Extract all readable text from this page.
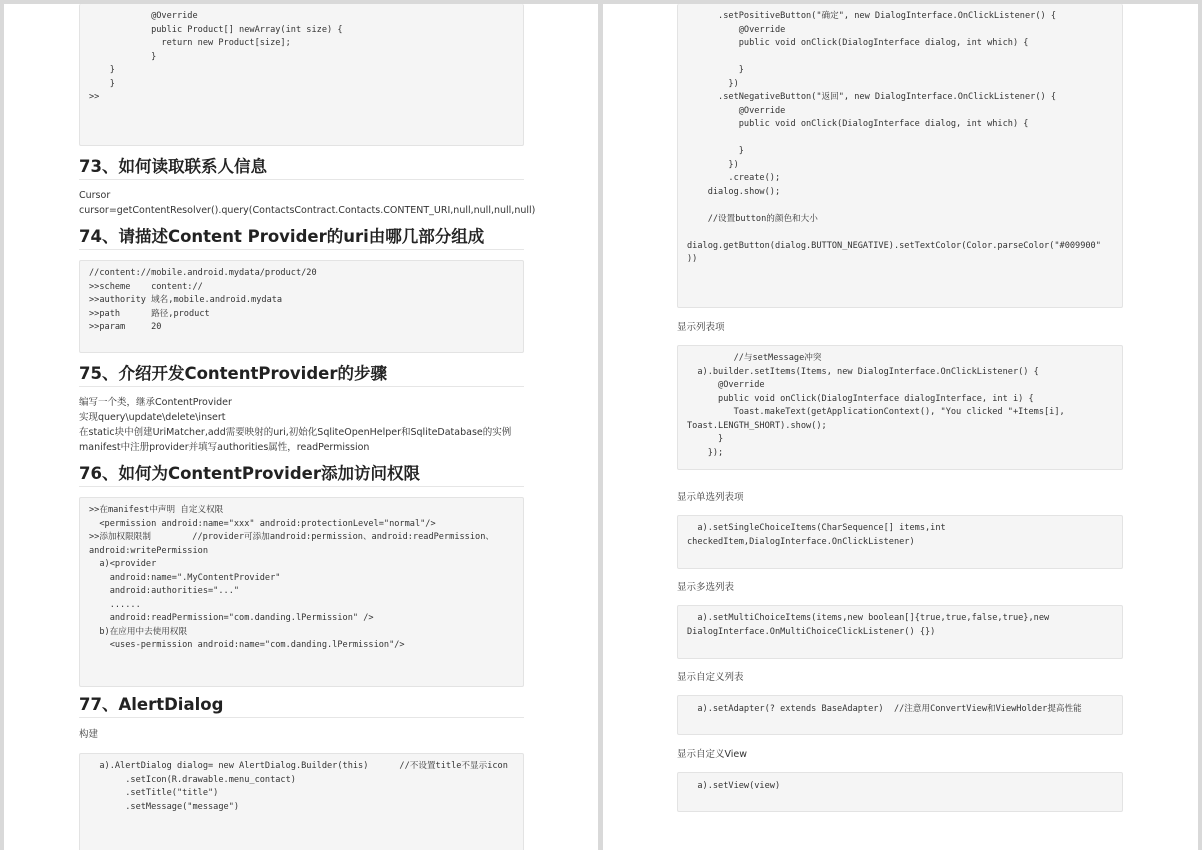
@Override
public Product[] newArray(int size) {
return new Product[size];
}
}
}
>>
73、如何读取联系人信息
Cursor
cursor=getContentResolver().query(ContactsContract.Contacts.CONTENT_URI,null,null,null,null)
74、请描述Content Provider的uri由哪几部分组成
//content://mobile.android.mydata/product/20
>>scheme    content://
>>authority 域名,mobile.android.mydata
>>path      路径,product
>>param     20
75、介绍开发ContentProvider的步骤
编写一个类，继承ContentProvider
实现query\update\delete\insert
在static块中创建UriMatcher,add需要映射的uri,初始化SqliteOpenHelper和SqliteDatabase的实例
manifest中注册provider并填写authorities属性，readPermission
76、如何为ContentProvider添加访问权限
>>在manifest中声明 自定义权限
<permission android:name="xxx" android:protectionLevel="normal"/>
>>添加权限限制        //provider可添加android:permission、android:readPermission、
android:writePermission
a)<provider
android:name=".MyContentProvider"
android:authorities="..."
......
android:readPermission="com.danding.lPermission" />
b)在应用中去使用权限
<uses-permission android:name="com.danding.lPermission"/>
77、AlertDialog
构建
a).AlertDialog dialog= new AlertDialog.Builder(this)      //不设置title不显示icon
.setIcon(R.drawable.menu_contact)
.setTitle("title")
.setMessage("message")
.setPositiveButton("确定", new DialogInterface.OnClickListener() {
@Override
public void onClick(DialogInterface dialog, int which) {

}
})
.setNegativeButton("返回", new DialogInterface.OnClickListener() {
@Override
public void onClick(DialogInterface dialog, int which) {

}
})
.create();
dialog.show();

//设置button的颜色和大小

dialog.getButton(dialog.BUTTON_NEGATIVE).setTextColor(Color.parseColor("#009900"
))
显示列表项
//与setMessage冲突
a).builder.setItems(Items, new DialogInterface.OnClickListener() {
@Override
public void onClick(DialogInterface dialogInterface, int i) {
Toast.makeText(getApplicationContext(), "You clicked "+Items[i],
Toast.LENGTH_SHORT).show();
}
});
显示单选列表项
a).setSingleChoiceItems(CharSequence[] items,int
checkedItem,DialogInterface.OnClickListener)
显示多选列表
a).setMultiChoiceItems(items,new boolean[]{true,true,false,true},new
DialogInterface.OnMultiChoiceClickListener() {})
显示自定义列表
a).setAdapter(? extends BaseAdapter)  //注意用ConvertView和ViewHolder提高性能
显示自定义View
a).setView(view)
